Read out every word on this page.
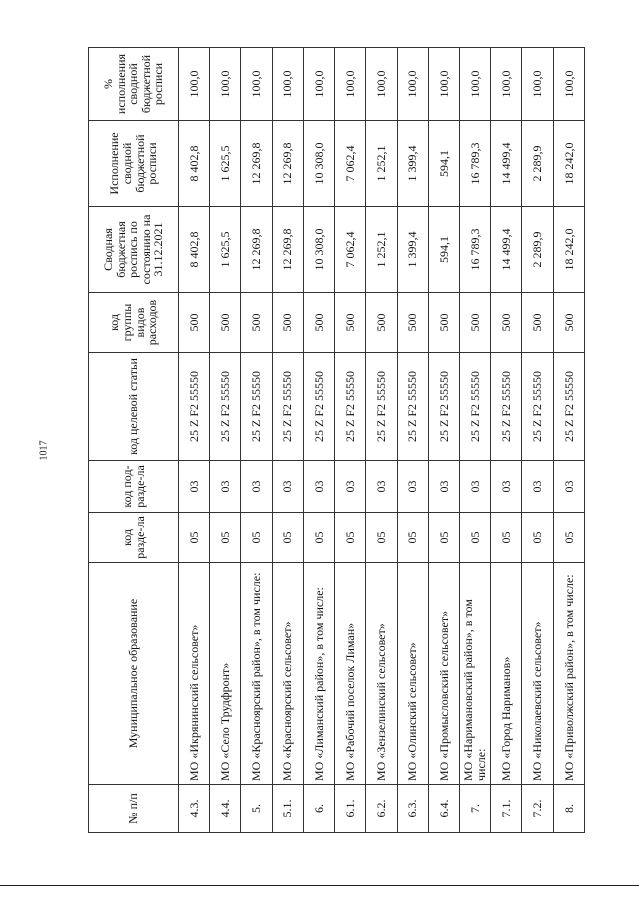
1017
№ п/п	Муниципальное образование	код разде-ла	код под-разде-ла	код целевой статьи	код группы видов расходов	Сводная бюджетная роспись по состоянию на 31.12.2021	Исполнение сводной бюджетной росписи	% исполнения сводной бюджетной росписи
4.3.	МО «Икрянинский сельсовет»	05	03	25 Z F2 55550	500	8 402,8	8 402,8	100,0
4.4.	МО «Село Трудфронт»	05	03	25 Z F2 55550	500	1 625,5	1 625,5	100,0
5.	МО «Красноярский район», в том числе:	05	03	25 Z F2 55550	500	12 269,8	12 269,8	100,0
5.1.	МО «Красноярский сельсовет»	05	03	25 Z F2 55550	500	12 269,8	12 269,8	100,0
6.	МО «Лиманский район», в том числе:	05	03	25 Z F2 55550	500	10 308,0	10 308,0	100,0
6.1.	МО «Рабочий поселок Лиман»	05	03	25 Z F2 55550	500	7 062,4	7 062,4	100,0
6.2.	МО «Зензелинский сельсовет»	05	03	25 Z F2 55550	500	1 252,1	1 252,1	100,0
6.3.	МО «Олинский сельсовет»	05	03	25 Z F2 55550	500	1 399,4	1 399,4	100,0
6.4.	МО «Промысловский сельсовет»	05	03	25 Z F2 55550	500	594,1	594,1	100,0
7.	МО «Наримановский район», в том числе:	05	03	25 Z F2 55550	500	16 789,3	16 789,3	100,0
7.1.	МО «Город Нариманов»	05	03	25 Z F2 55550	500	14 499,4	14 499,4	100,0
7.2.	МО «Николаевский сельсовет»	05	03	25 Z F2 55550	500	2 289,9	2 289,9	100,0
8.	МО «Приволжский район», в том числе:	05	03	25 Z F2 55550	500	18 242,0	18 242,0	100,0
